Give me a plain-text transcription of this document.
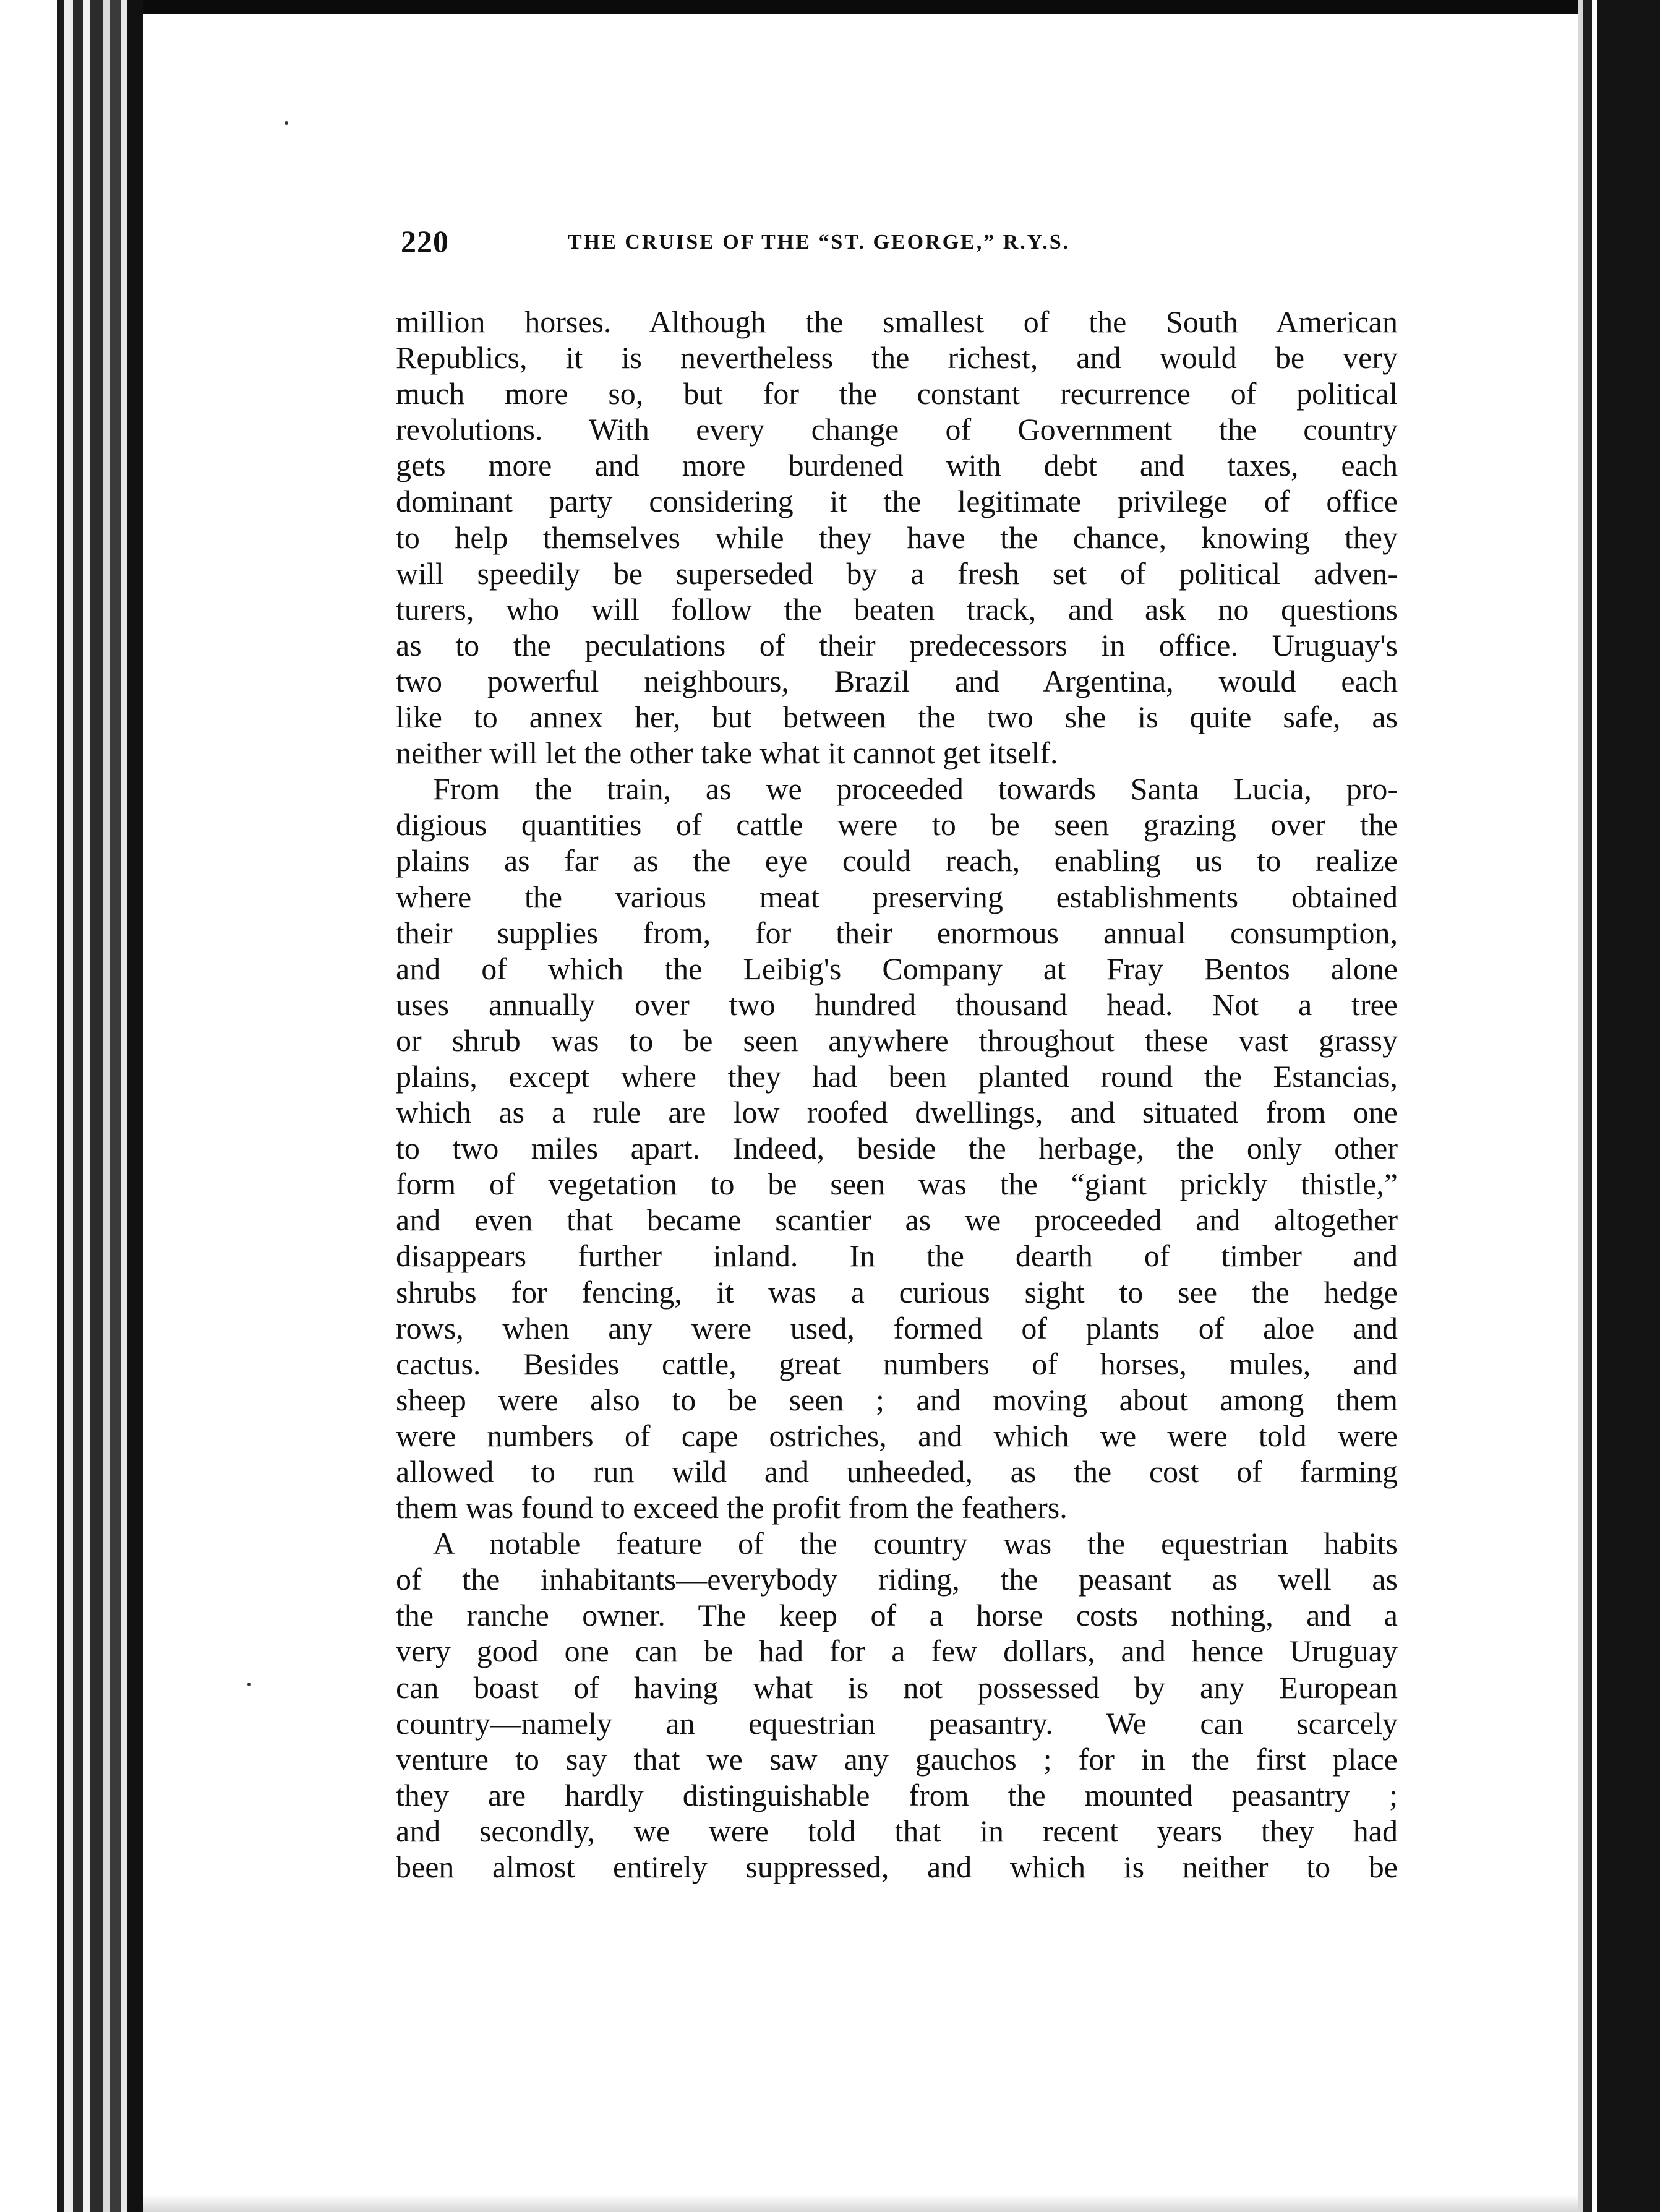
220	THE CRUISE OF THE “ST. GEORGE,” R.Y.S.
million horses. Although the smallest of the South American
Republics, it is nevertheless the richest, and would be very
much more so, but for the constant recurrence of political
revolutions. With every change of Government the country
gets more and more burdened with debt and taxes, each
dominant party considering it the legitimate privilege of office
to help themselves while they have the chance, knowing they
will speedily be superseded by a fresh set of political adven-
turers, who will follow the beaten track, and ask no questions
as to the peculations of their predecessors in office. Uruguay's
two powerful neighbours, Brazil and Argentina, would each
like to annex her, but between the two she is quite safe, as
neither will let the other take what it cannot get itself.
From the train, as we proceeded towards Santa Lucia, pro-
digious quantities of cattle were to be seen grazing over the
plains as far as the eye could reach, enabling us to realize
where the various meat preserving establishments obtained
their supplies from, for their enormous annual consumption,
and of which the Leibig's Company at Fray Bentos alone
uses annually over two hundred thousand head. Not a tree
or shrub was to be seen anywhere throughout these vast grassy
plains, except where they had been planted round the Estancias,
which as a rule are low roofed dwellings, and situated from one
to two miles apart. Indeed, beside the herbage, the only other
form of vegetation to be seen was the “giant prickly thistle,”
and even that became scantier as we proceeded and altogether
disappears further inland. In the dearth of timber and
shrubs for fencing, it was a curious sight to see the hedge
rows, when any were used, formed of plants of aloe and
cactus. Besides cattle, great numbers of horses, mules, and
sheep were also to be seen ; and moving about among them
were numbers of cape ostriches, and which we were told were
allowed to run wild and unheeded, as the cost of farming
them was found to exceed the profit from the feathers.
A notable feature of the country was the equestrian habits
of the inhabitants—everybody riding, the peasant as well as
the ranche owner. The keep of a horse costs nothing, and a
very good one can be had for a few dollars, and hence Uruguay
can boast of having what is not possessed by any European
country—namely an equestrian peasantry. We can scarcely
venture to say that we saw any gauchos ; for in the first place
they are hardly distinguishable from the mounted peasantry ;
and secondly, we were told that in recent years they had
been almost entirely suppressed, and which is neither to be
